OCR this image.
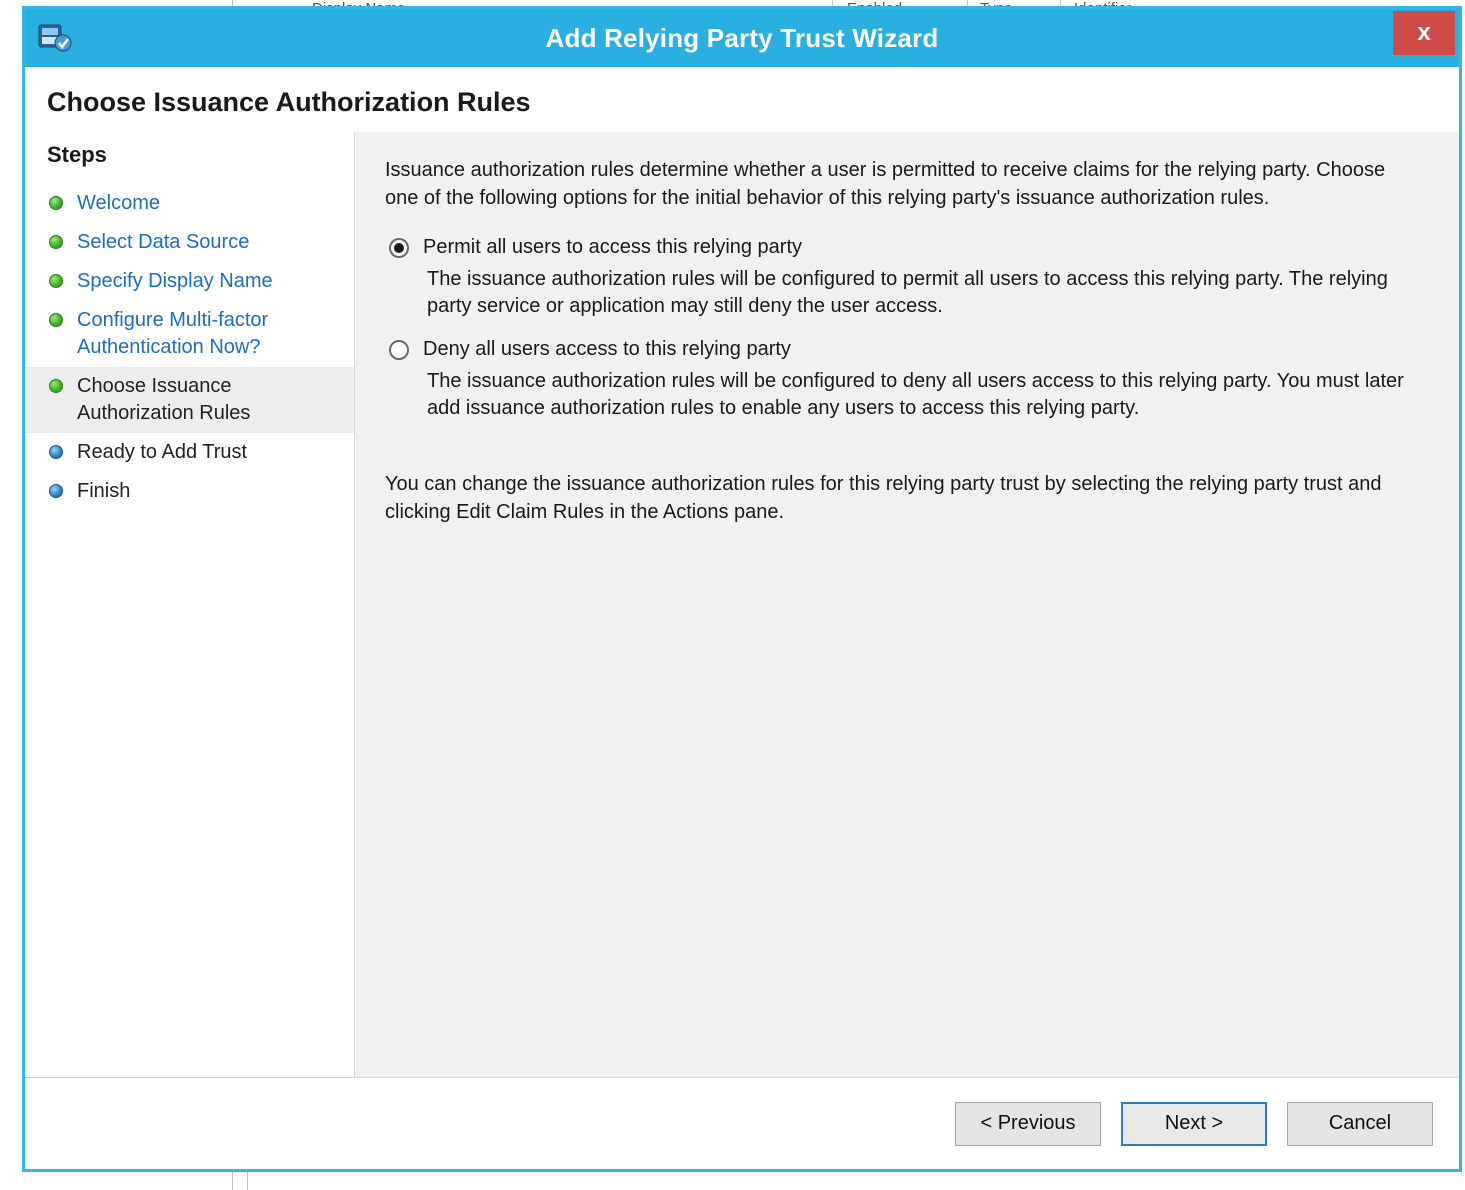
Add Relying Party Trust Wizard	x
Choose Issuance Authorization Rules
Steps
Welcome
Select Data Source
Specify Display Name
Configure Multi-factor Authentication Now?
Choose Issuance Authorization Rules
Ready to Add Trust
Finish
Issuance authorization rules determine whether a user is permitted to receive claims for the relying party. Choose one of the following options for the initial behavior of this relying party's issuance authorization rules.
Permit all users to access this relying party
The issuance authorization rules will be configured to permit all users to access this relying party. The relying party service or application may still deny the user access.
Deny all users access to this relying party
The issuance authorization rules will be configured to deny all users access to this relying party. You must later add issuance authorization rules to enable any users to access this relying party.
You can change the issuance authorization rules for this relying party trust by selecting the relying party trust and clicking Edit Claim Rules in the Actions pane.
< Previous	Next >	Cancel
